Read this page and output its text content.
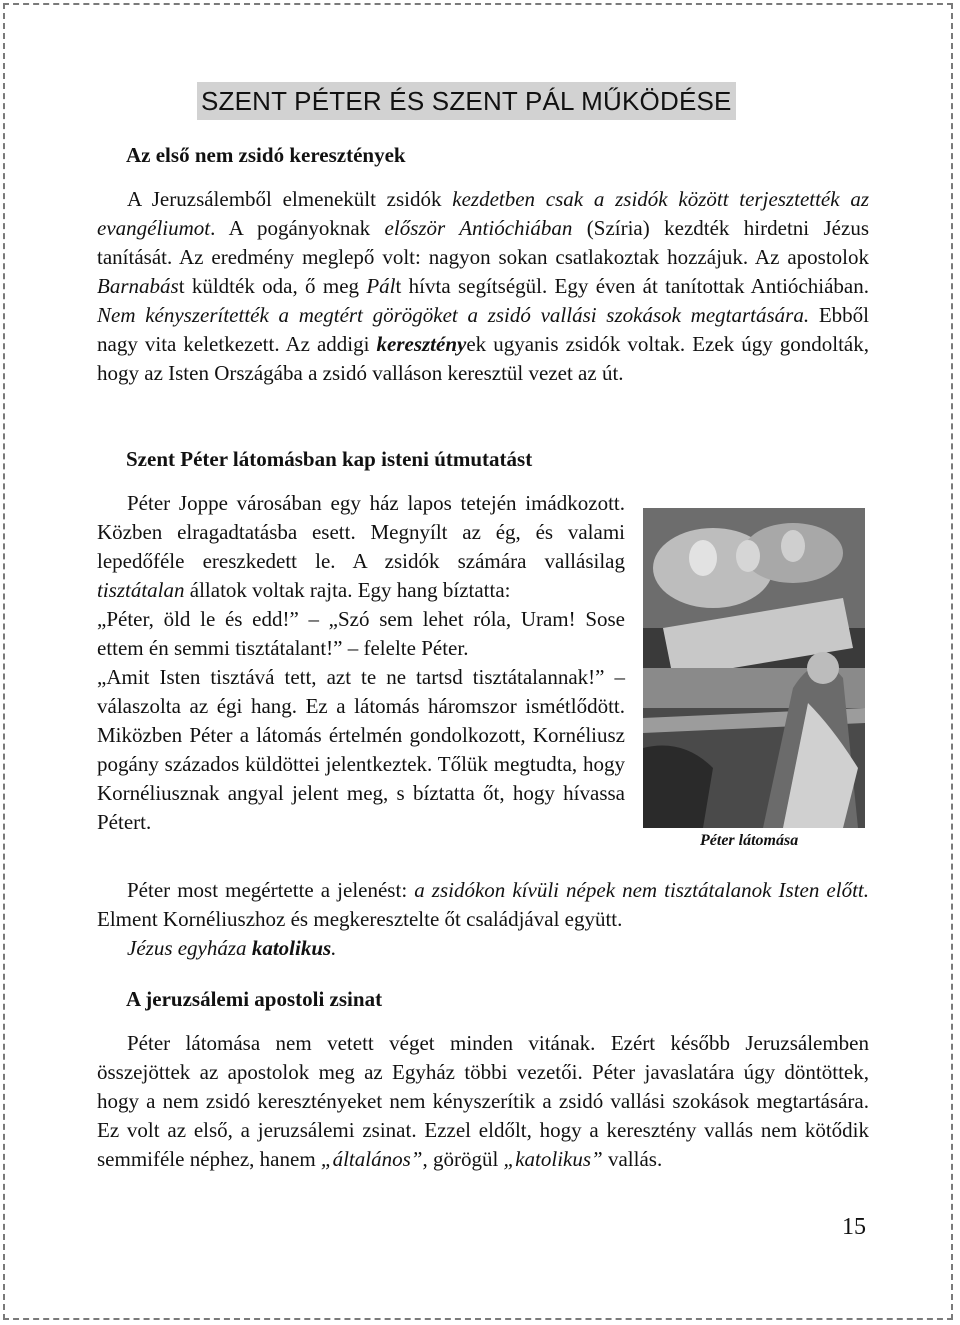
SZENT PÉTER ÉS SZENT PÁL MŰKÖDÉSE
Az első nem zsidó keresztények

A Jeruzsálemből elmenekült zsidók kezdetben csak a zsidók között terjesztették az evangéliumot. A pogányoknak először Antióchiában (Szíria) kezdték hirdetni Jézus tanítását. Az eredmény meglepő volt: nagyon sokan csatlakoztak hozzájuk. Az apostolok Barnabást küldték oda, ő meg Pált hívta segítségül. Egy éven át tanítottak Antióchiában. Nem kényszerítették a megtért görögöket a zsidó vallási szokások megtartására. Ebből nagy vita keletkezett. Az addigi keresztények ugyanis zsidók voltak. Ezek úgy gondolták, hogy az Isten Országába a zsidó valláson keresztül vezet az út.

Szent Péter látomásban kap isteni útmutatást

Péter Joppe városában egy ház lapos tetején imádkozott. Közben elragadtatásba esett. Megnyílt az ég, és valami lepedőféle ereszkedett le. A zsidók számára vallásilag tisztátalan állatok voltak rajta. Egy hang bíztatta:

„Péter, öld le és edd!” – „Szó sem lehet róla, Uram! Sose ettem én semmi tisztátalant!” – felelte Péter.

„Amit Isten tisztává tett, azt te ne tartsd tisztátalannak!” – válaszolta az égi hang. Ez a látomás háromszor ismétlődött. Miközben Péter a látomás értelmén gondolkozott, Kornéliusz pogány százados küldöttei jelentkeztek. Tőlük megtudta, hogy Kornéliusznak angyal jelent meg, s bíztatta őt, hogy hívassa Pétert.

Péter most megértette a jelenést: a zsidókon kívüli népek nem tisztátalanok Isten előtt. Elment Kornéliuszhoz és megkeresztelte őt családjával együtt.

Jézus egyháza katolikus.

Péter látomása
A jeruzsálemi apostoli zsinat

Péter látomása nem vetett véget minden vitának. Ezért később Jeruzsálemben összejöttek az apostolok meg az Egyház többi vezetői. Péter javaslatára úgy döntöttek, hogy a nem zsidó keresztényeket nem kényszerítik a zsidó vallási szokások megtartására. Ez volt az első, a jeruzsálemi zsinat. Ezzel eldőlt, hogy a keresztény vallás nem kötődik semmiféle néphez, hanem „általános”, görögül „katolikus” vallás.

15
